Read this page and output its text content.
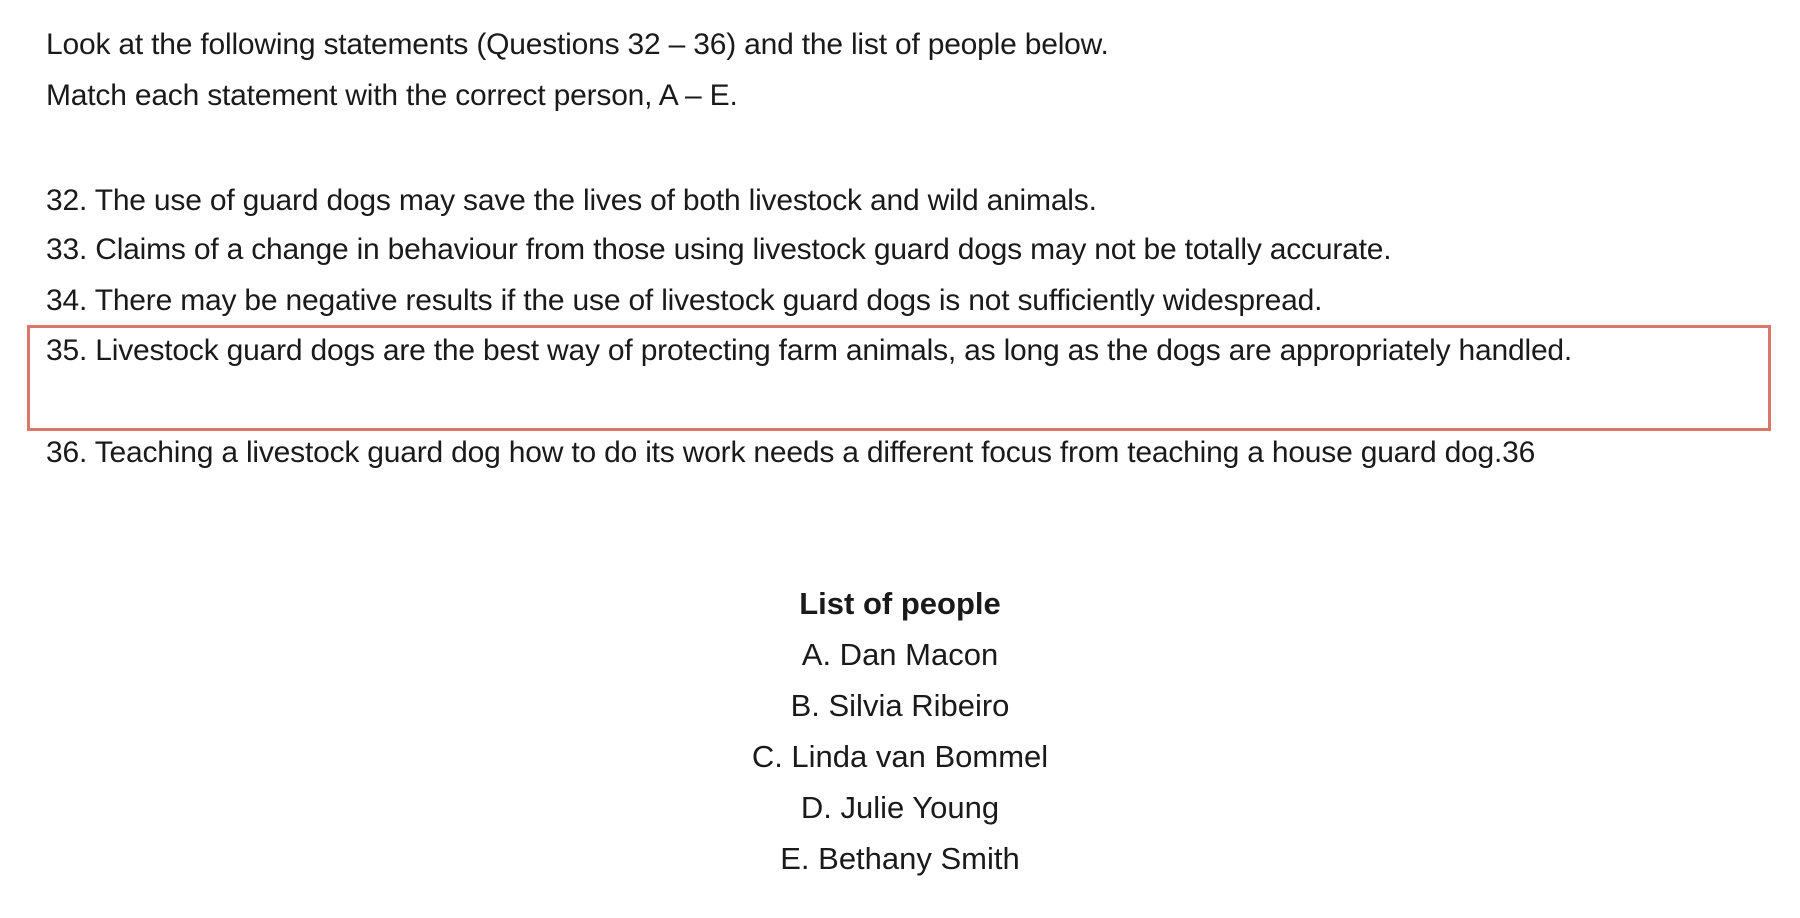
Look at the following statements (Questions 32 – 36) and the list of people below.
Match each statement with the correct person, A – E.
32. The use of guard dogs may save the lives of both livestock and wild animals.
33. Claims of a change in behaviour from those using livestock guard dogs may not be totally accurate.
34. There may be negative results if the use of livestock guard dogs is not sufficiently widespread.
35. Livestock guard dogs are the best way of protecting farm animals, as long as the dogs are appropriately handled.
36. Teaching a livestock guard dog how to do its work needs a different focus from teaching a house guard dog.36
List of people
A. Dan Macon
B. Silvia Ribeiro
C. Linda van Bommel
D. Julie Young
E. Bethany Smith
